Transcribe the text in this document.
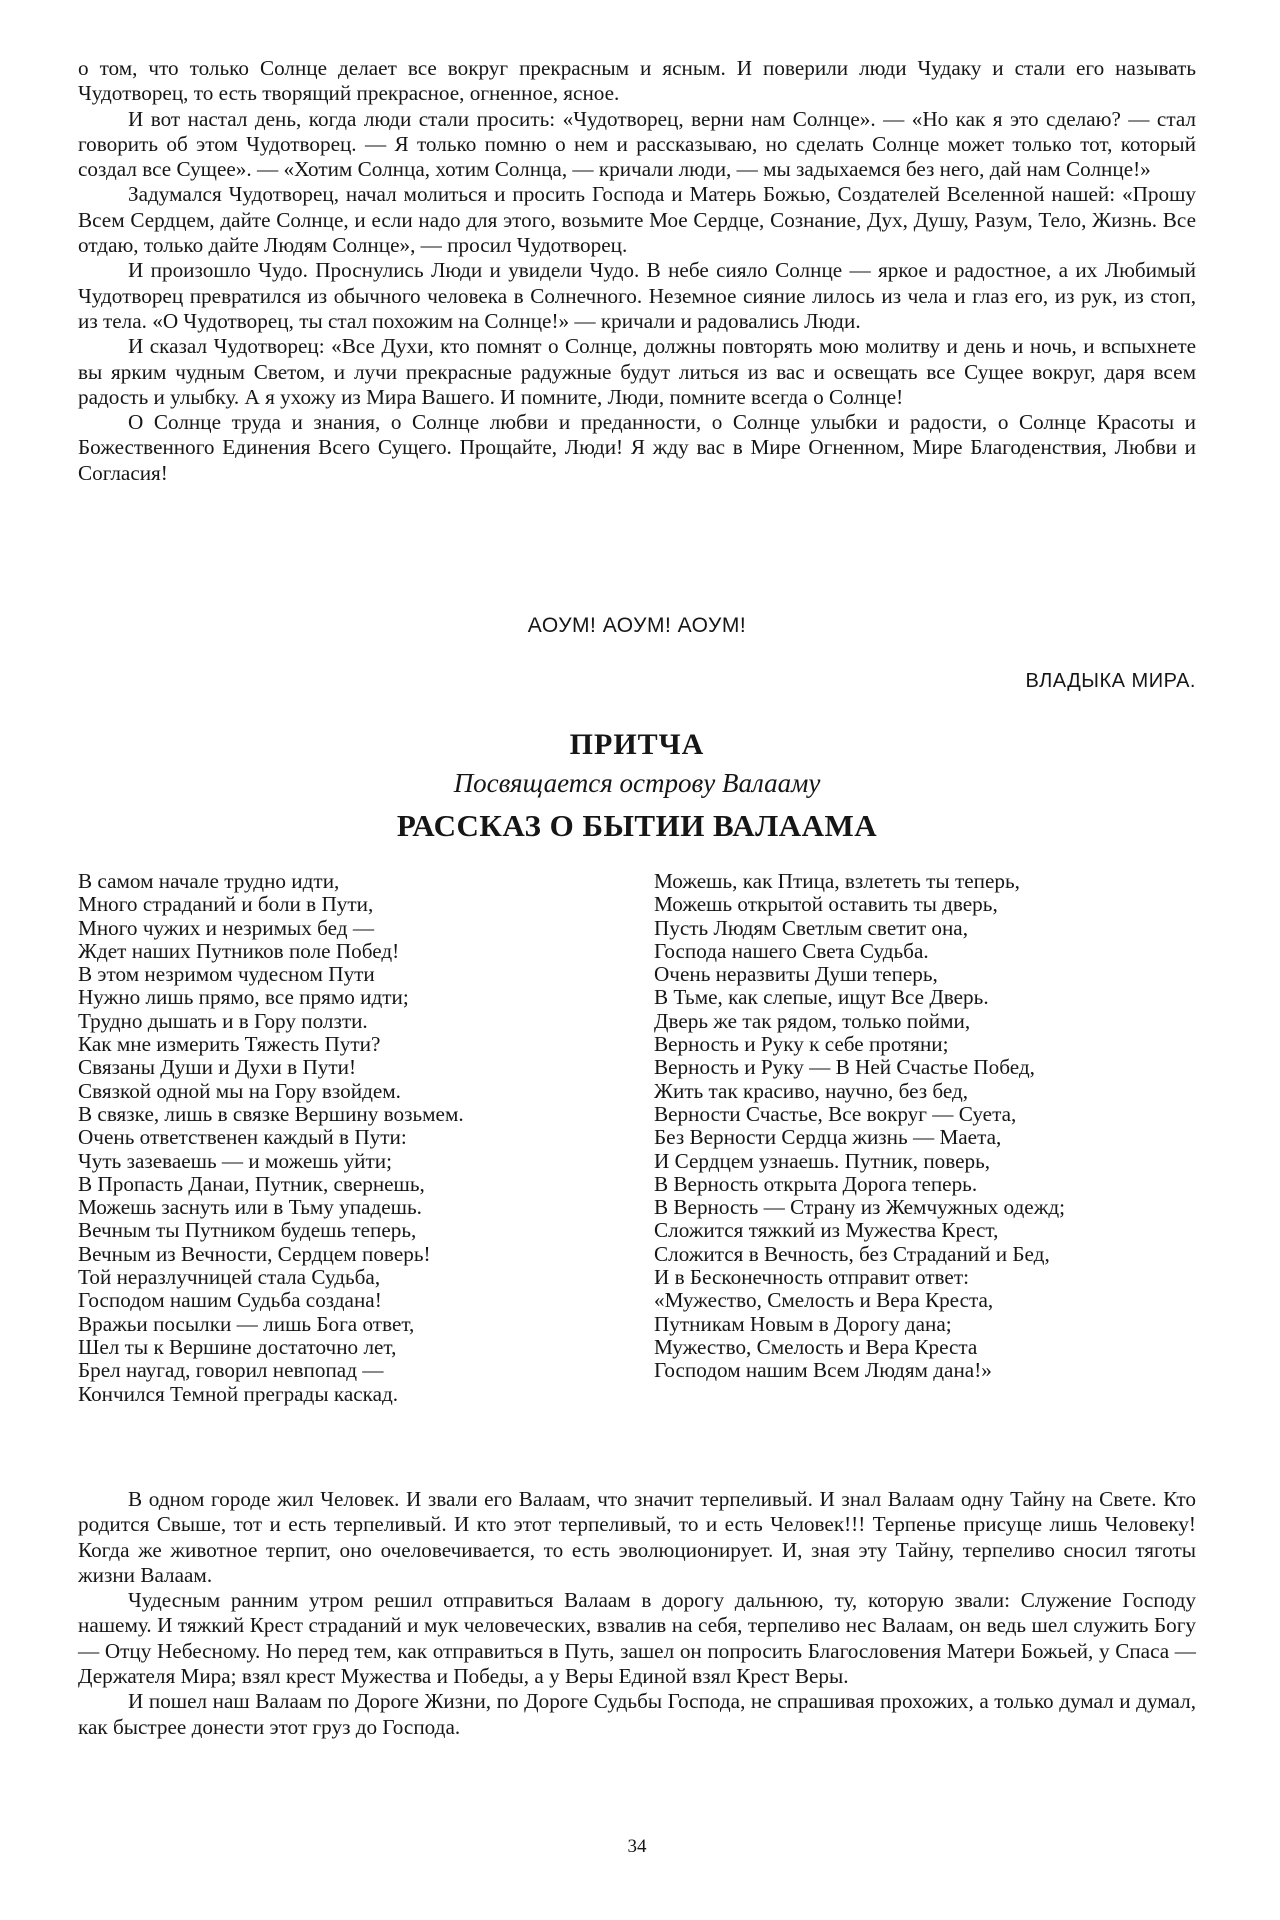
о том, что только Солнце делает все вокруг прекрасным и ясным. И поверили люди Чудаку и стали его называть Чудотворец, то есть творящий прекрасное, огненное, ясное.

И вот настал день, когда люди стали просить: «Чудотворец, верни нам Солнце». — «Но как я это сделаю? — стал говорить об этом Чудотворец. — Я только помню о нем и рассказываю, но сделать Солнце может только тот, который создал все Сущее». — «Хотим Солнца, хотим Солнца, — кричали люди, — мы задыхаемся без него, дай нам Солнце!»

Задумался Чудотворец, начал молиться и просить Господа и Матерь Божью, Создателей Вселенной нашей: «Прошу Всем Сердцем, дайте Солнце, и если надо для этого, возьмите Мое Сердце, Сознание, Дух, Душу, Разум, Тело, Жизнь. Все отдаю, только дайте Людям Солнце», — просил Чудотворец.

И произошло Чудо. Проснулись Люди и увидели Чудо. В небе сияло Солнце — яркое и радостное, а их Любимый Чудотворец превратился из обычного человека в Солнечного. Неземное сияние лилось из чела и глаз его, из рук, из стоп, из тела. «О Чудотворец, ты стал похожим на Солнце!» — кричали и радовались Люди.

И сказал Чудотворец: «Все Духи, кто помнят о Солнце, должны повторять мою молитву и день и ночь, и вспыхнете вы ярким чудным Светом, и лучи прекрасные радужные будут литься из вас и освещать все Сущее вокруг, даря всем радость и улыбку. А я ухожу из Мира Вашего. И помните, Люди, помните всегда о Солнце!

О Солнце труда и знания, о Солнце любви и преданности, о Солнце улыбки и радости, о Солнце Красоты и Божественного Единения Всего Сущего. Прощайте, Люди! Я жду вас в Мире Огненном, Мире Благоденствия, Любви и Согласия!

АОУМ! АОУМ! АОУМ!
ВЛАДЫКА МИРА.
ПРИТЧА
Посвящается острову Валааму
РАССКАЗ О БЫТИИ ВАЛААМА
В самом начале трудно идти,
Много страданий и боли в Пути,
Много чужих и незримых бед —
Ждет наших Путников поле Побед!
В этом незримом чудесном Пути
Нужно лишь прямо, все прямо идти;
Трудно дышать и в Гору ползти.
Как мне измерить Тяжесть Пути?
Связаны Души и Духи в Пути!
Связкой одной мы на Гору взойдем.
В связке, лишь в связке Вершину возьмем.
Очень ответственен каждый в Пути:
Чуть зазеваешь — и можешь уйти;
В Пропасть Данаи, Путник, свернешь,
Можешь заснуть или в Тьму упадешь.
Вечным ты Путником будешь теперь,
Вечным из Вечности, Сердцем поверь!
Той неразлучницей стала Судьба,
Господом нашим Судьба создана!
Вражьи посылки — лишь Бога ответ,
Шел ты к Вершине достаточно лет,
Брел наугад, говорил невпопад —
Кончился Темной преграды каскад.
Можешь, как Птица, взлететь ты теперь,
Можешь открытой оставить ты дверь,
Пусть Людям Светлым светит она,
Господа нашего Света Судьба.
Очень неразвиты Души теперь,
В Тьме, как слепые, ищут Все Дверь.
Дверь же так рядом, только пойми,
Верность и Руку к себе протяни;
Верность и Руку — В Ней Счастье Побед,
Жить так красиво, научно, без бед,
Верности Счастье, Все вокруг — Суета,
Без Верности Сердца жизнь — Маета,
И Сердцем узнаешь. Путник, поверь,
В Верность открыта Дорога теперь.
В Верность — Страну из Жемчужных одежд;
Сложится тяжкий из Мужества Крест,
Сложится в Вечность, без Страданий и Бед,
И в Бесконечность отправит ответ:
«Мужество, Смелость и Вера Креста,
Путникам Новым в Дорогу дана;
Мужество, Смелость и Вера Креста
Господом нашим Всем Людям дана!»

В одном городе жил Человек. И звали его Валаам, что значит терпеливый. И знал Валаам одну Тайну на Свете. Кто родится Свыше, тот и есть терпеливый. И кто этот терпеливый, то и есть Человек!!! Терпенье присуще лишь Человеку! Когда же животное терпит, оно очеловечивается, то есть эволюционирует. И, зная эту Тайну, терпеливо сносил тяготы жизни Валаам.

Чудесным ранним утром решил отправиться Валаам в дорогу дальнюю, ту, которую звали: Служение Господу нашему. И тяжкий Крест страданий и мук человеческих, взвалив на себя, терпеливо нес Валаам, он ведь шел служить Богу — Отцу Небесному. Но перед тем, как отправиться в Путь, зашел он попросить Благословения Матери Божьей, у Спаса — Держателя Мира; взял крест Мужества и Победы, а у Веры Единой взял Крест Веры.

И пошел наш Валаам по Дороге Жизни, по Дороге Судьбы Господа, не спрашивая прохожих, а только думал и думал, как быстрее донести этот груз до Господа.

34
